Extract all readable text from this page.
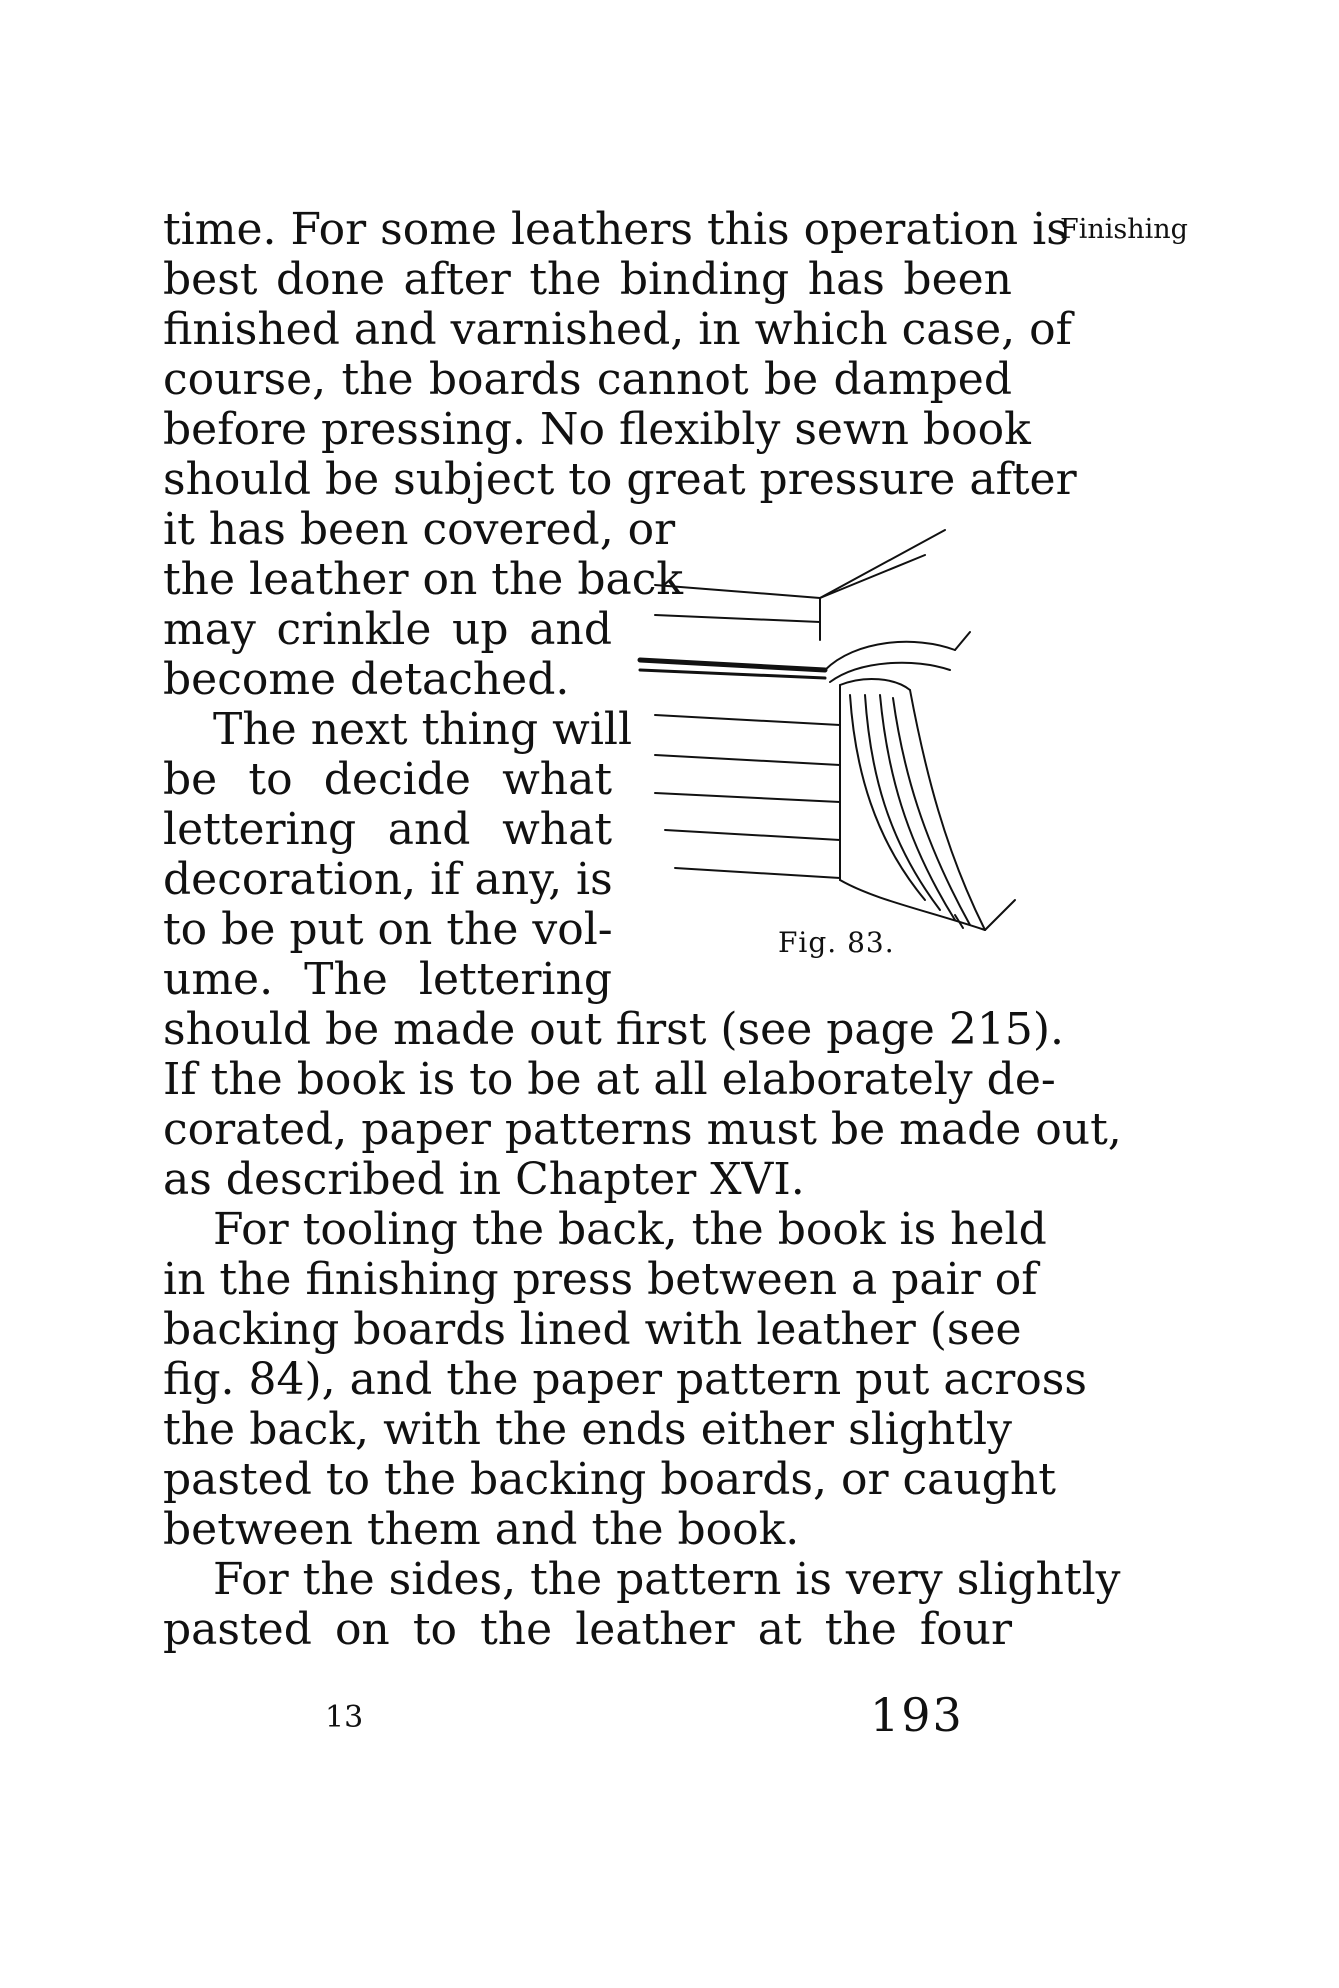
Finishing
time. For some leathers this operation is
best done after the binding has been
finished and varnished, in which case, of
course, the boards cannot be damped
before pressing. No flexibly sewn book
should be subject to great pressure after
it has been covered, or
the leather on the back
may crinkle up and
become detached.
The next thing will
be to decide what
lettering and what
decoration, if any, is
to be put on the vol-
ume. The lettering
should be made out first (see page 215).
If the book is to be at all elaborately de-
corated, paper patterns must be made out,
as described in Chapter XVI.
For tooling the back, the book is held
in the finishing press between a pair of
backing boards lined with leather (see
fig. 84), and the paper pattern put across
the back, with the ends either slightly
pasted to the backing boards, or caught
between them and the book.
For the sides, the pattern is very slightly
pasted on to the leather at the four
Fig. 83.
13	193
